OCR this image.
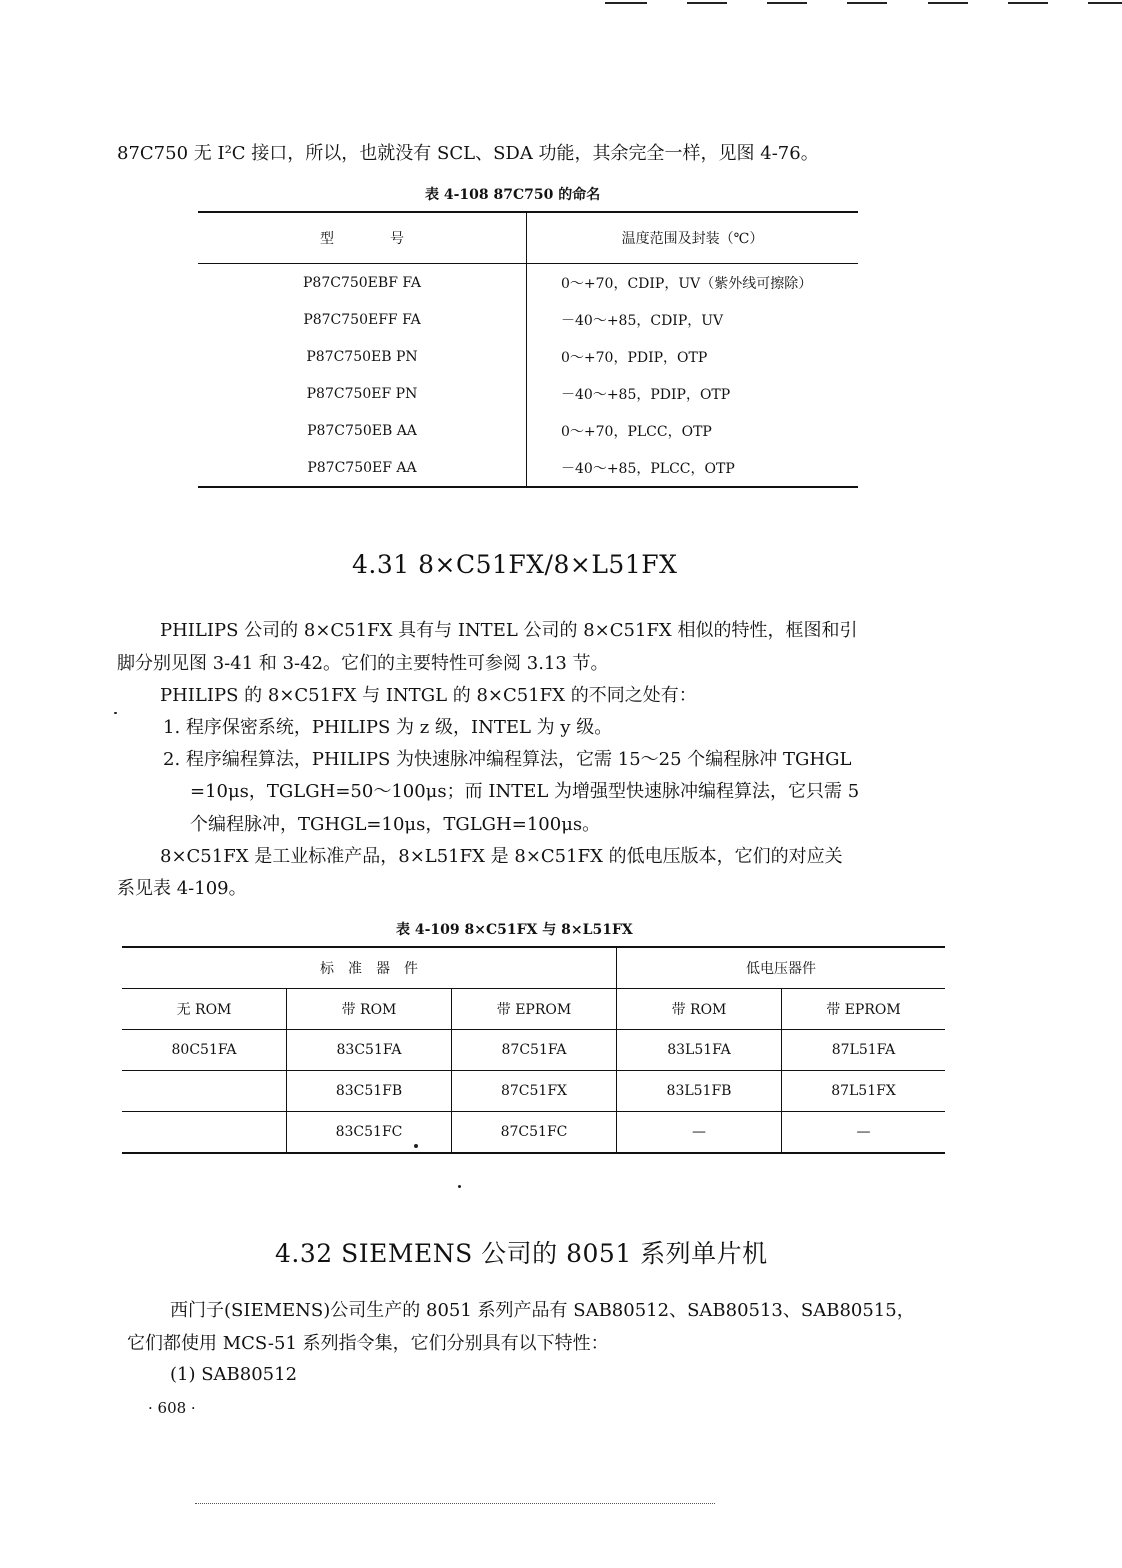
87C750 无 I²C 接口，所以，也就没有 SCL、SDA 功能，其余完全一样，见图 4-76。
表 4-108 87C750 的命名
型　　　　号	温度范围及封装（℃）
P87C750EBF FA	0～+70，CDIP，UV（紫外线可擦除）
P87C750EFF FA	－40～+85，CDIP，UV
P87C750EB PN	0～+70，PDIP，OTP
P87C750EF PN	－40～+85，PDIP，OTP
P87C750EB AA	0～+70，PLCC，OTP
P87C750EF AA	－40～+85，PLCC，OTP
4.31 8×C51FX/8×L51FX
PHILIPS 公司的 8×C51FX 具有与 INTEL 公司的 8×C51FX 相似的特性，框图和引
脚分别见图 3-41 和 3-42。它们的主要特性可参阅 3.13 节。
PHILIPS 的 8×C51FX 与 INTGL 的 8×C51FX 的不同之处有：
1. 程序保密系统，PHILIPS 为 z 级，INTEL 为 y 级。
2. 程序编程算法，PHILIPS 为快速脉冲编程算法，它需 15～25 个编程脉冲 TGHGL
=10μs，TGLGH=50～100μs；而 INTEL 为增强型快速脉冲编程算法，它只需 5
个编程脉冲，TGHGL=10μs，TGLGH=100μs。
8×C51FX 是工业标准产品，8×L51FX 是 8×C51FX 的低电压版本，它们的对应关
系见表 4-109。
表 4-109 8×C51FX 与 8×L51FX
标　准　器　件			低电压器件	
无 ROM	带 ROM	带 EPROM	带 ROM	带 EPROM
80C51FA	83C51FA	87C51FA	83L51FA	87L51FA
	83C51FB	87C51FX	83L51FB	87L51FX
	83C51FC	87C51FC	—	—
4.32 SIEMENS 公司的 8051 系列单片机
西门子(SIEMENS)公司生产的 8051 系列产品有 SAB80512、SAB80513、SAB80515，
它们都使用 MCS-51 系列指令集，它们分别具有以下特性：
(1) SAB80512
· 608 ·
